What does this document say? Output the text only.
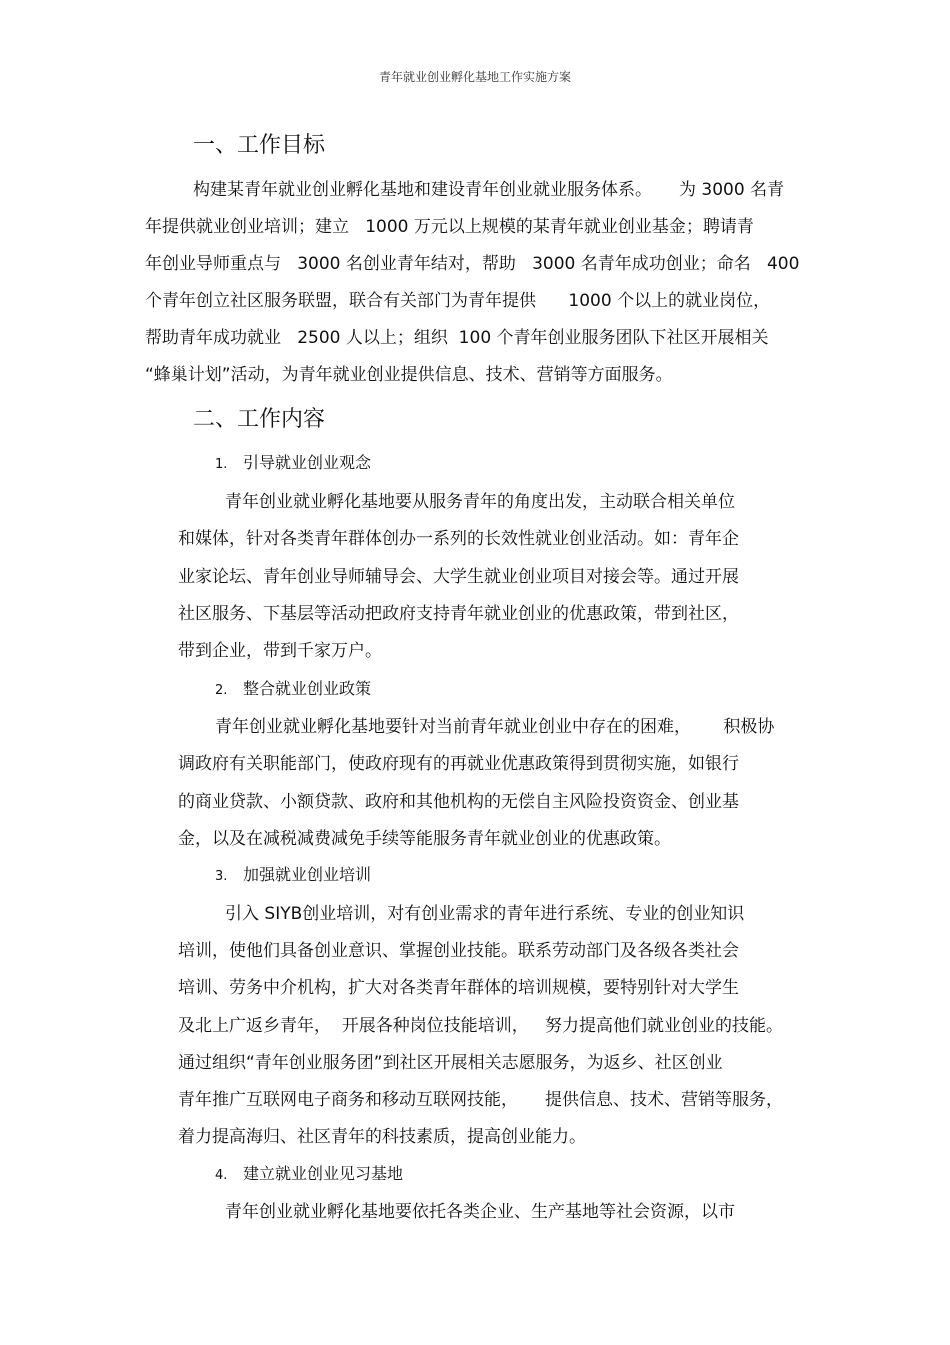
青年就业创业孵化基地工作实施方案
一、工作目标
构建某青年就业创业孵化基地和建设青年创业就业服务体系。     为 3000 名青
年提供就业创业培训；建立   1000 万元以上规模的某青年就业创业基金；聘请青
年创业导师重点与   3000 名创业青年结对，帮助   3000 名青年成功创业；命名   400
个青年创立社区服务联盟，联合有关部门为青年提供      1000 个以上的就业岗位，
帮助青年成功就业   2500 人以上；组织  100 个青年创业服务团队下社区开展相关
“蜂巢计划”活动，为青年就业创业提供信息、技术、营销等方面服务。
二、工作内容
1. 引导就业创业观念
青年创业就业孵化基地要从服务青年的角度出发，主动联合相关单位
和媒体，针对各类青年群体创办一系列的长效性就业创业活动。如：青年企
业家论坛、青年创业导师辅导会、大学生就业创业项目对接会等。通过开展
社区服务、下基层等活动把政府支持青年就业创业的优惠政策，带到社区，
带到企业，带到千家万户。
2. 整合就业创业政策
青年创业就业孵化基地要针对当前青年就业创业中存在的困难，      积极协
调政府有关职能部门，使政府现有的再就业优惠政策得到贯彻实施，如银行
的商业贷款、小额贷款、政府和其他机构的无偿自主风险投资资金、创业基
金，以及在减税减费减免手续等能服务青年就业创业的优惠政策。
3. 加强就业创业培训
引入 SIYB创业培训，对有创业需求的青年进行系统、专业的创业知识
培训，使他们具备创业意识、掌握创业技能。联系劳动部门及各级各类社会
培训、劳务中介机构，扩大对各类青年群体的培训规模，要特别针对大学生
及北上广返乡青年，  开展各种岗位技能培训，   努力提高他们就业创业的技能。
通过组织“青年创业服务团”到社区开展相关志愿服务，为返乡、社区创业
青年推广互联网电子商务和移动互联网技能，     提供信息、技术、营销等服务，
着力提高海归、社区青年的科技素质，提高创业能力。
4. 建立就业创业见习基地
青年创业就业孵化基地要依托各类企业、生产基地等社会资源，以市
